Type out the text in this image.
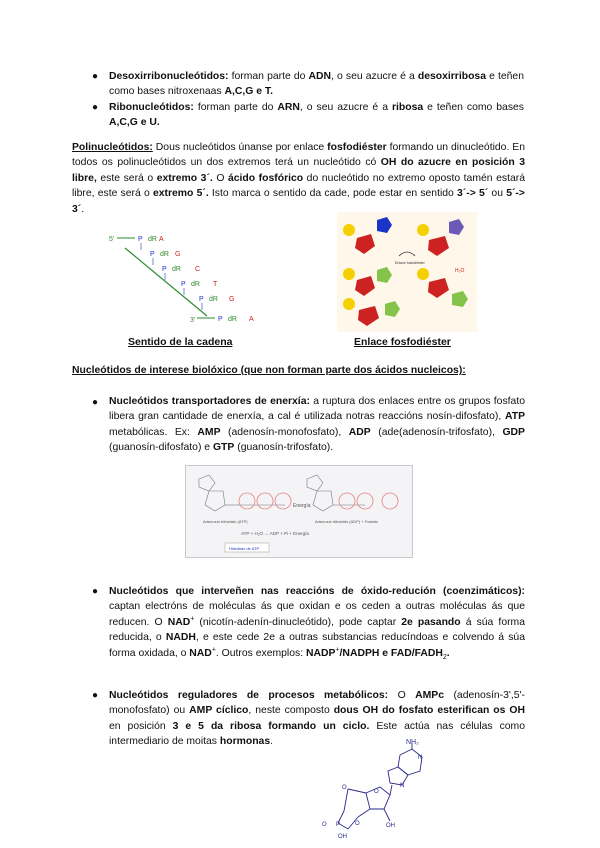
● Desoxirribonucleótidos: forman parte do ADN, o seu azucre é a desoxirribosa e teñen como bases nitroxenaas A,C,G e T.
● Ribonucleótidos: forman parte do ARN, o seu azucre é a ribosa e teñen como bases A,C,G e U.
Polinucleótidos: Dous nucleótidos únanse por enlace fosfodiéster formando un dinucleótido. En todos os polinucleótidos un dos extremos terá un nucleótido có OH do azucre en posición 3 libre, este será o extremo 3´. O ácido fosfórico do nucleótido no extremo oposto tamén estará libre, este será o extremo 5´. Isto marca o sentido da cade, pode estar en sentido 3´-> 5´ ou 5´-> 3´.
5'	P dR A
P dR G
P dR C
P dR T
P dR G
3'	P dR A
Sentido de la cadena
H₂O
Enlace fosfodiéster
Enlace fosfodiéster
Nucleótidos de interese biolóxico (que non forman parte dos ácidos nucleicos):
● Nucleótidos transportadores de enerxía: a ruptura dos enlaces entre os grupos fosfato libera gran cantidade de enerxía, a cal é utilizada notras reaccións nosín-difosfato), ATP metabólicas. Ex: AMP (adenosín-monofosfato), ADP (ade(adenosín-trifosfato), GDP (guanosín-difosfato) e GTP (guanosín-trifosfato).
Energía
Adenosín trifosfato (ATP)	Adenosín difosfato (ADP) + Fosfato
ATP + H₂O → ADP + Pi + Energía
Hidrólisis de ATP
● Nucleótidos que interveñen nas reaccións de óxido-redución (coenzimáticos): captan electróns de moléculas ás que oxidan e os ceden a outras moléculas ás que reducen. O NAD+ (nicotín-adenín-dinucleótido), pode captar 2e pasando á súa forma reducida, o NADH, e este cede 2e a outras substancias reducíndoas e colvendo á súa forma oxidada, o NAD+. Outros exemplos: NADP+/NADPH e FAD/$FADH_2$.
● Nucleótidos reguladores de procesos metabólicos: O AMPc (adenosín-3',5'-monofosfato) ou AMP cíclico, neste composto dous OH do fosfato esterifican os OH en posición 3 e 5 da ribosa formando un ciclo. Este actúa nas células como intermediario de moitas hormonas.	NH₂
N
N
O
O
O P O	OH
OH
